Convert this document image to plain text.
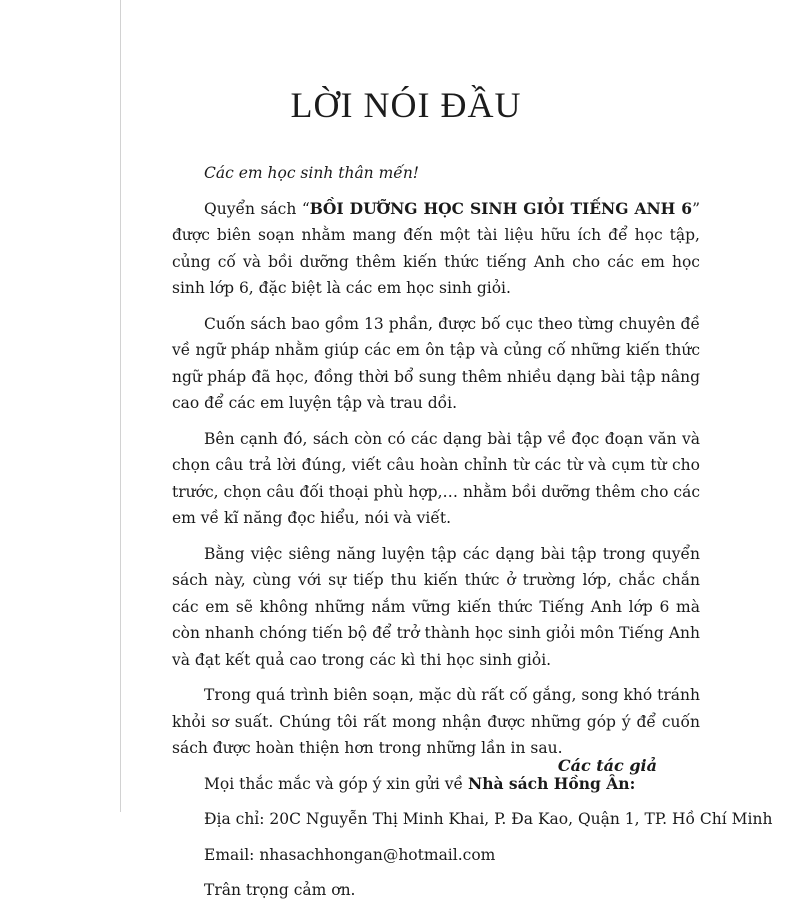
LỜI NÓI ĐẦU

Các em học sinh thân mến!

Quyển sách “BỒI DƯỠNG HỌC SINH GIỎI TIẾNG ANH 6” được biên soạn nhằm mang đến một tài liệu hữu ích để học tập, củng cố và bồi dưỡng thêm kiến thức tiếng Anh cho các em học sinh lớp 6, đặc biệt là các em học sinh giỏi.

Cuốn sách bao gồm 13 phần, được bố cục theo từng chuyên đề về ngữ pháp nhằm giúp các em ôn tập và củng cố những kiến thức ngữ pháp đã học, đồng thời bổ sung thêm nhiều dạng bài tập nâng cao để các em luyện tập và trau dồi.

Bên cạnh đó, sách còn có các dạng bài tập về đọc đoạn văn và chọn câu trả lời đúng, viết câu hoàn chỉnh từ các từ và cụm từ cho trước, chọn câu đối thoại phù hợp,… nhằm bồi dưỡng thêm cho các em về kĩ năng đọc hiểu, nói và viết.

Bằng việc siêng năng luyện tập các dạng bài tập trong quyển sách này, cùng với sự tiếp thu kiến thức ở trường lớp, chắc chắn các em sẽ không những nắm vững kiến thức Tiếng Anh lớp 6 mà còn nhanh chóng tiến bộ để trở thành học sinh giỏi môn Tiếng Anh và đạt kết quả cao trong các kì thi học sinh giỏi.

Trong quá trình biên soạn, mặc dù rất cố gắng, song khó tránh khỏi sơ suất. Chúng tôi rất mong nhận được những góp ý để cuốn sách được hoàn thiện hơn trong những lần in sau.

Mọi thắc mắc và góp ý xin gửi về Nhà sách Hồng Ân:

Địa chỉ: 20C Nguyễn Thị Minh Khai, P. Đa Kao, Quận 1, TP. Hồ Chí Minh

Email: nhasachhongan@hotmail.com

Trân trọng cảm ơn.

Các tác giả
